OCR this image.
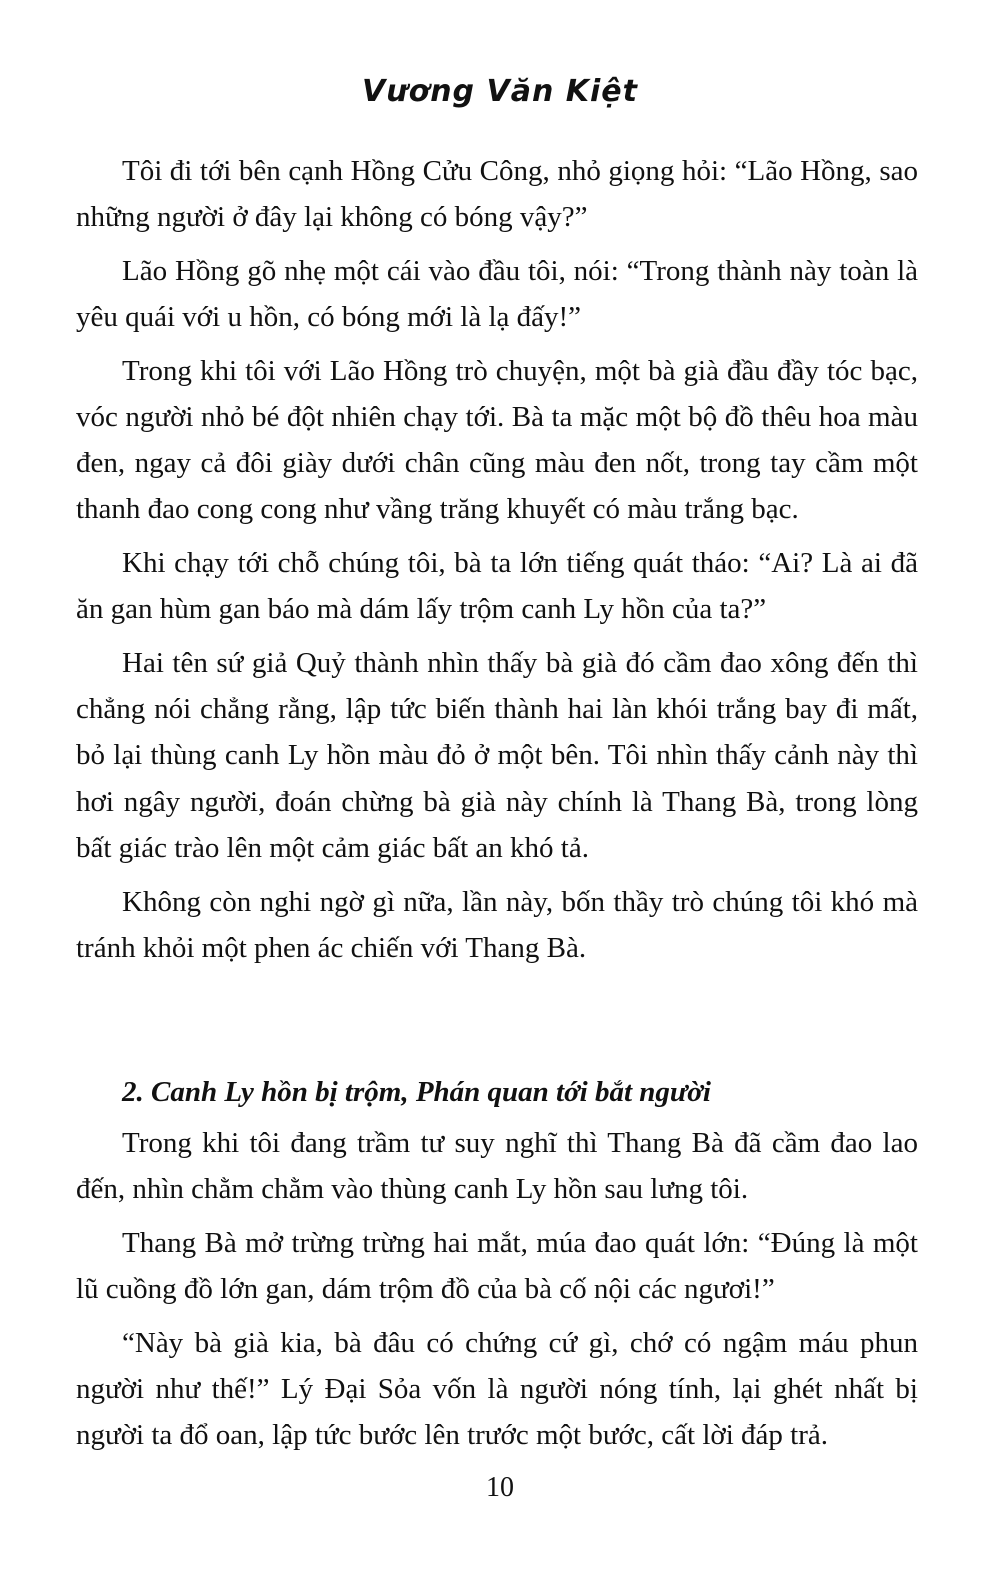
Vương Văn Kiệt

Tôi đi tới bên cạnh Hồng Cửu Công, nhỏ giọng hỏi: “Lão Hồng, sao những người ở đây lại không có bóng vậy?”

Lão Hồng gõ nhẹ một cái vào đầu tôi, nói: “Trong thành này toàn là yêu quái với u hồn, có bóng mới là lạ đấy!”

Trong khi tôi với Lão Hồng trò chuyện, một bà già đầu đầy tóc bạc, vóc người nhỏ bé đột nhiên chạy tới. Bà ta mặc một bộ đồ thêu hoa màu đen, ngay cả đôi giày dưới chân cũng màu đen nốt, trong tay cầm một thanh đao cong cong như vầng trăng khuyết có màu trắng bạc.

Khi chạy tới chỗ chúng tôi, bà ta lớn tiếng quát tháo: “Ai? Là ai đã ăn gan hùm gan báo mà dám lấy trộm canh Ly hồn của ta?”

Hai tên sứ giả Quỷ thành nhìn thấy bà già đó cầm đao xông đến thì chẳng nói chẳng rằng, lập tức biến thành hai làn khói trắng bay đi mất, bỏ lại thùng canh Ly hồn màu đỏ ở một bên. Tôi nhìn thấy cảnh này thì hơi ngây người, đoán chừng bà già này chính là Thang Bà, trong lòng bất giác trào lên một cảm giác bất an khó tả.

Không còn nghi ngờ gì nữa, lần này, bốn thầy trò chúng tôi khó mà tránh khỏi một phen ác chiến với Thang Bà.

2. Canh Ly hồn bị trộm, Phán quan tới bắt người

Trong khi tôi đang trầm tư suy nghĩ thì Thang Bà đã cầm đao lao đến, nhìn chằm chằm vào thùng canh Ly hồn sau lưng tôi.

Thang Bà mở trừng trừng hai mắt, múa đao quát lớn: “Đúng là một lũ cuồng đồ lớn gan, dám trộm đồ của bà cố nội các ngươi!”

“Này bà già kia, bà đâu có chứng cứ gì, chớ có ngậm máu phun người như thế!” Lý Đại Sỏa vốn là người nóng tính, lại ghét nhất bị người ta đổ oan, lập tức bước lên trước một bước, cất lời đáp trả.

10
